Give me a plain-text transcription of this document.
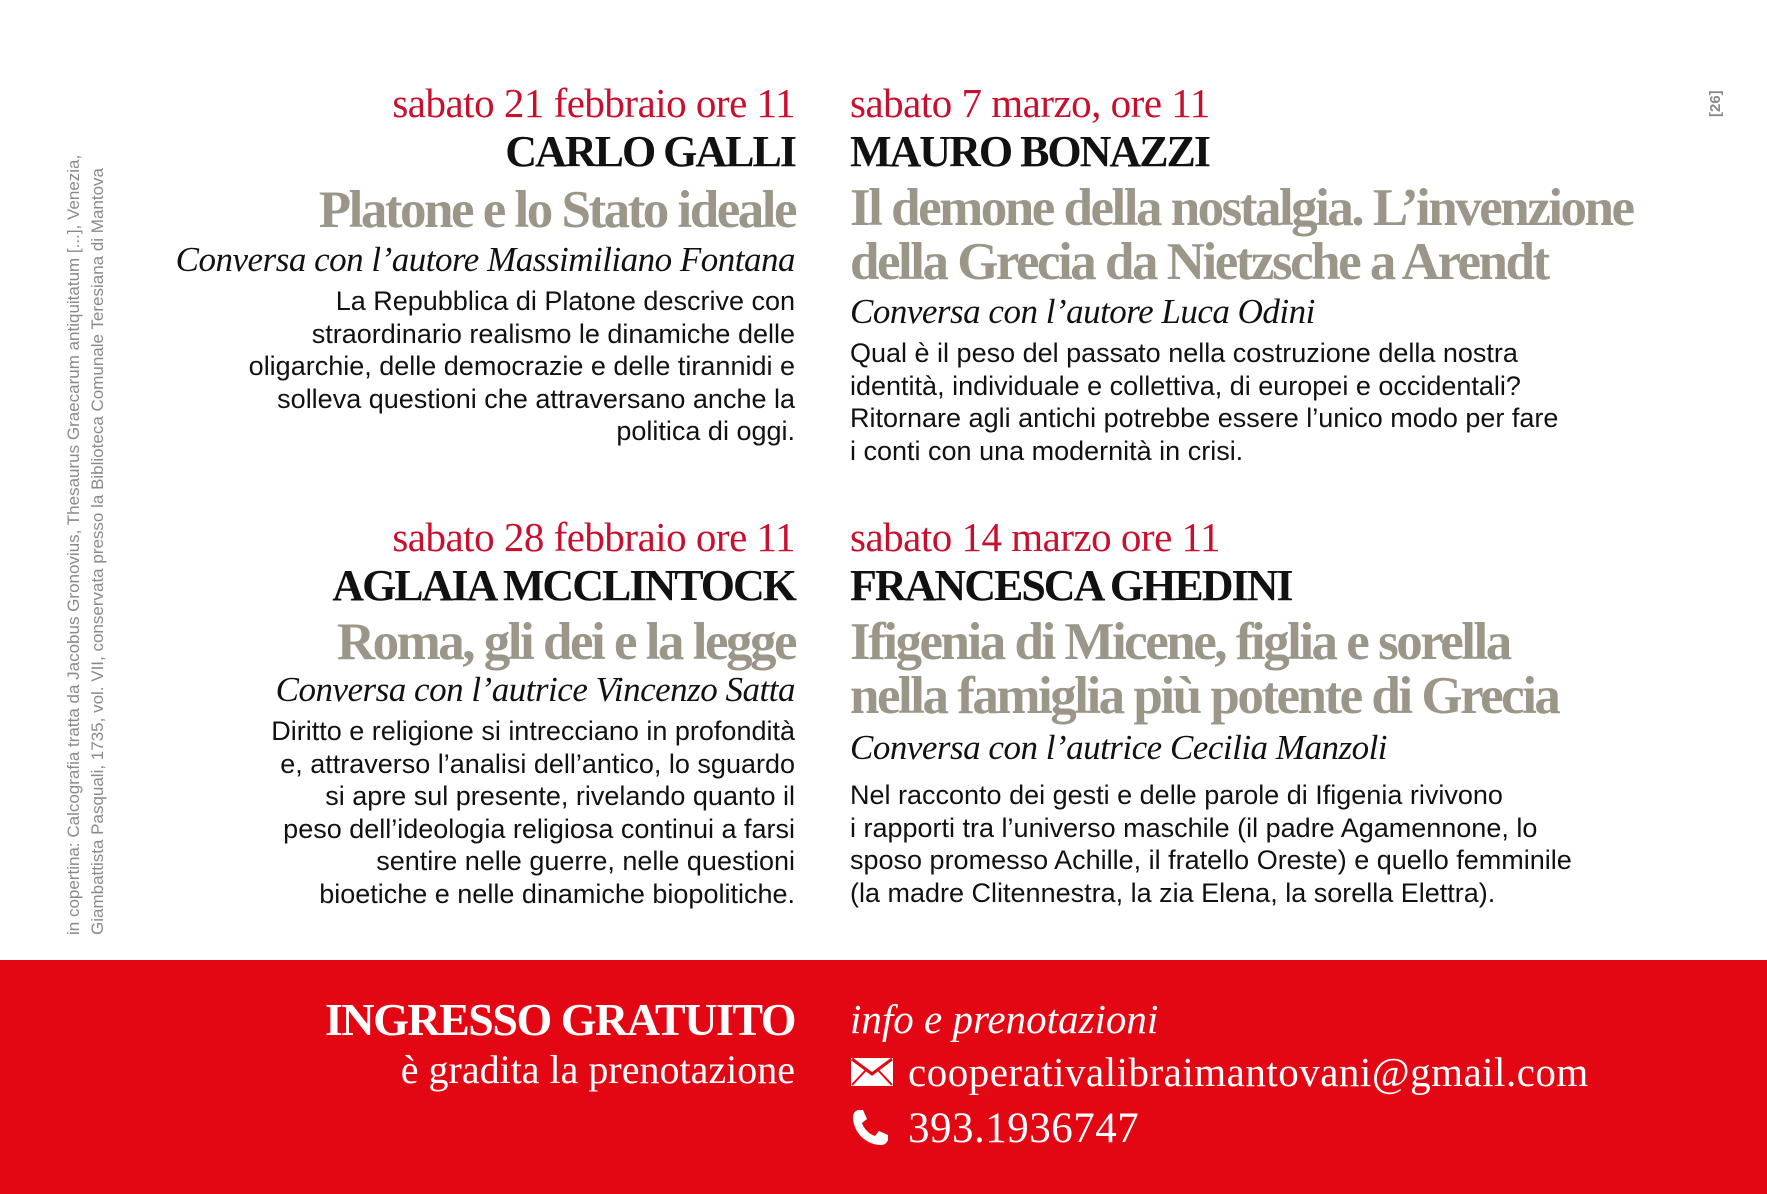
in copertina: Calcografia tratta da Jacobus Gronovius, Thesaurus Graecarum antiquitatum [...], Venezia, Giambattista Pasquali, 1735, vol. VII, conservata presso la Biblioteca Comunale Teresiana di Mantova
[26]
sabato 21 febbraio ore 11
CARLO GALLI
Platone e lo Stato ideale
Conversa con l’autore Massimiliano Fontana
La Repubblica di Platone descrive con
straordinario realismo le dinamiche delle
oligarchie, delle democrazie e delle tirannidi e
solleva questioni che attraversano anche la
politica di oggi.
sabato 7 marzo, ore 11
MAURO BONAZZI
Il demone della nostalgia. L’invenzione
della Grecia da Nietzsche a Arendt
Conversa con l’autore Luca Odini
Qual è il peso del passato nella costruzione della nostra
identità, individuale e collettiva, di europei e occidentali?
Ritornare agli antichi potrebbe essere l’unico modo per fare
i conti con una modernità in crisi.
sabato 28 febbraio ore 11
AGLAIA MCCLINTOCK
Roma, gli dei e la legge
Conversa con l’autrice Vincenzo Satta
Diritto e religione si intrecciano in profondità
e, attraverso l’analisi dell’antico, lo sguardo
si apre sul presente, rivelando quanto il
peso dell’ideologia religiosa continui a farsi
sentire nelle guerre, nelle questioni
bioetiche e nelle dinamiche biopolitiche.
sabato 14 marzo ore 11
FRANCESCA GHEDINI
Ifigenia di Micene, figlia e sorella
nella famiglia più potente di Grecia
Conversa con l’autrice Cecilia Manzoli
Nel racconto dei gesti e delle parole di Ifigenia rivivono
i rapporti tra l’universo maschile (il padre Agamennone, lo
sposo promesso Achille, il fratello Oreste) e quello femminile
(la madre Clitennestra, la zia Elena, la sorella Elettra).
INGRESSO GRATUITO
è gradita la prenotazione
info e prenotazioni
cooperativalibraimantovani@gmail.com
393.1936747
